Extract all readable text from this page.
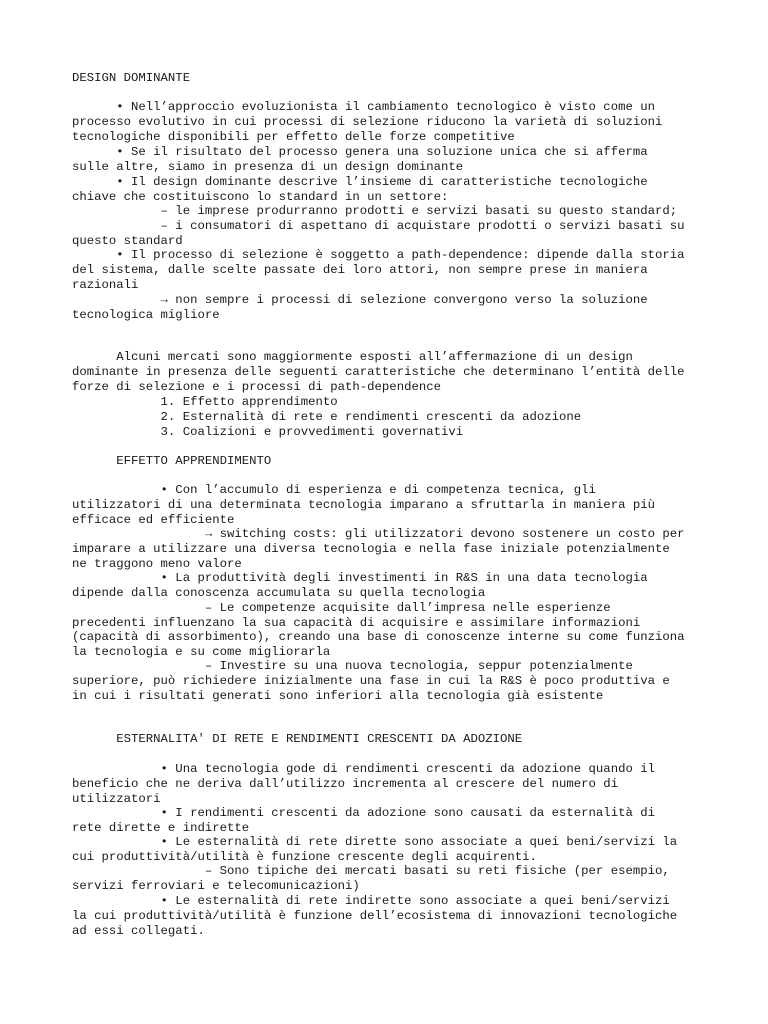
DESIGN DOMINANTE

• Nell’approccio evoluzionista il cambiamento tecnologico è visto come un

processo evolutivo in cui processi di selezione riducono la varietà di soluzioni

tecnologiche disponibili per effetto delle forze competitive

• Se il risultato del processo genera una soluzione unica che si afferma

sulle altre, siamo in presenza di un design dominante

• Il design dominante descrive l’insieme di caratteristiche tecnologiche

chiave che costituiscono lo standard in un settore:

– le imprese produrranno prodotti e servizi basati su questo standard;

– i consumatori di aspettano di acquistare prodotti o servizi basati su

questo standard

• Il processo di selezione è soggetto a path-dependence: dipende dalla storia

del sistema, dalle scelte passate dei loro attori, non sempre prese in maniera

razionali

→ non sempre i processi di selezione convergono verso la soluzione

tecnologica migliore

Alcuni mercati sono maggiormente esposti all’affermazione di un design

dominante in presenza delle seguenti caratteristiche che determinano l’entità delle

forze di selezione e i processi di path-dependence

1. Effetto apprendimento

2. Esternalità di rete e rendimenti crescenti da adozione

3. Coalizioni e provvedimenti governativi

EFFETTO APPRENDIMENTO

• Con l’accumulo di esperienza e di competenza tecnica, gli

utilizzatori di una determinata tecnologia imparano a sfruttarla in maniera più

efficace ed efficiente

→ switching costs: gli utilizzatori devono sostenere un costo per

imparare a utilizzare una diversa tecnologia e nella fase iniziale potenzialmente

ne traggono meno valore

• La produttività degli investimenti in R&S in una data tecnologia

dipende dalla conoscenza accumulata su quella tecnologia

– Le competenze acquisite dall’impresa nelle esperienze

precedenti influenzano la sua capacità di acquisire e assimilare informazioni

(capacità di assorbimento), creando una base di conoscenze interne su come funziona

la tecnologia e su come migliorarla

– Investire su una nuova tecnologia, seppur potenzialmente

superiore, può richiedere inizialmente una fase in cui la R&S è poco produttiva e

in cui i risultati generati sono inferiori alla tecnologia già esistente

ESTERNALITA' DI RETE E RENDIMENTI CRESCENTI DA ADOZIONE

• Una tecnologia gode di rendimenti crescenti da adozione quando il

beneficio che ne deriva dall’utilizzo incrementa al crescere del numero di

utilizzatori

• I rendimenti crescenti da adozione sono causati da esternalità di

rete dirette e indirette

• Le esternalità di rete dirette sono associate a quei beni/servizi la

cui produttività/utilità è funzione crescente degli acquirenti.

– Sono tipiche dei mercati basati su reti fisiche (per esempio,

servizi ferroviari e telecomunicazioni)

• Le esternalità di rete indirette sono associate a quei beni/servizi

la cui produttività/utilità è funzione dell’ecosistema di innovazioni tecnologiche

ad essi collegati.
